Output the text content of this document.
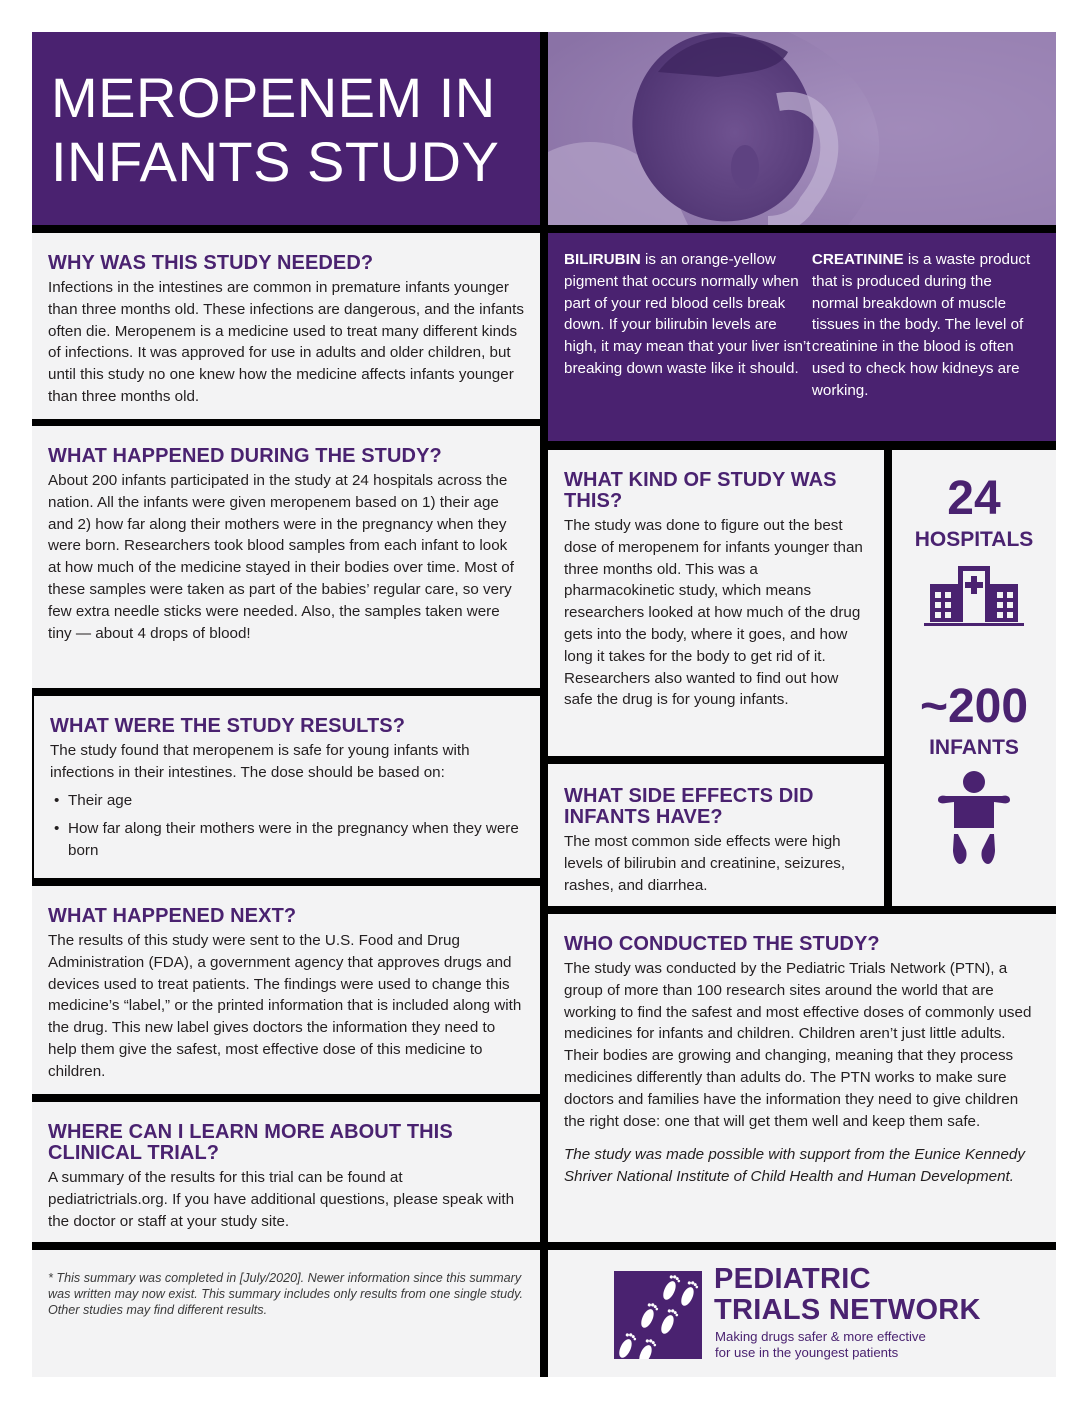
MEROPENEM IN
INFANTS STUDY
WHY WAS THIS STUDY NEEDED?

Infections in the intestines are common in premature infants younger than three months old. These infections are dangerous, and the infants often die. Meropenem is a medicine used to treat many different kinds of infections. It was approved for use in adults and older children, but until this study no one knew how the medicine affects infants younger than three months old.

BILIRUBIN is an orange-yellow pigment that occurs normally when part of your red blood cells break down. If your bilirubin levels are high, it may mean that your liver isn’t breaking down waste like it should.
CREATININE is a waste product that is produced during the normal breakdown of muscle tissues in the body. The level of creatinine in the blood is often used to check how kidneys are working.
WHAT HAPPENED DURING THE STUDY?

About 200 infants participated in the study at 24 hospitals across the nation. All the infants were given meropenem based on 1) their age and 2) how far along their mothers were in the pregnancy when they were born. Researchers took blood samples from each infant to look at how much of the medicine stayed in their bodies over time. Most of these samples were taken as part of the babies’ regular care, so very few extra needle sticks were needed. Also, the samples taken were tiny — about 4 drops of blood!

WHAT KIND OF STUDY WAS THIS?

The study was done to figure out the best dose of meropenem for infants younger than three months old. This was a pharmacokinetic study, which means researchers looked at how much of the drug gets into the body, where it goes, and how long it takes for the body to get rid of it. Researchers also wanted to find out how safe the drug is for young infants.

24
HOSPITALS
~200
INFANTS
WHAT WERE THE STUDY RESULTS?

The study found that meropenem is safe for young infants with infections in their intestines. The dose should be based on:

• Their age
• How far along their mothers were in the pregnancy when they were born
WHAT SIDE EFFECTS DID INFANTS HAVE?

The most common side effects were high levels of bilirubin and creatinine, seizures, rashes, and diarrhea.

WHAT HAPPENED NEXT?

The results of this study were sent to the U.S. Food and Drug Administration (FDA), a government agency that approves drugs and devices used to treat patients. The findings were used to change this medicine’s “label,” or the printed information that is included along with the drug. This new label gives doctors the information they need to help them give the safest, most effective dose of this medicine to children.

WHO CONDUCTED THE STUDY?

The study was conducted by the Pediatric Trials Network (PTN), a group of more than 100 research sites around the world that are working to find the safest and most effective doses of commonly used medicines for infants and children. Children aren’t just little adults. Their bodies are growing and changing, meaning that they process medicines differently than adults do. The PTN works to make sure doctors and families have the information they need to give children the right dose: one that will get them well and keep them safe.

The study was made possible with support from the Eunice Kennedy Shriver National Institute of Child Health and Human Development.

WHERE CAN I LEARN MORE ABOUT THIS CLINICAL TRIAL?

A summary of the results for this trial can be found at pediatrictrials.org. If you have additional questions, please speak with the doctor or staff at your study site.

* This summary was completed in [July/2020]. Newer information since this summary was written may now exist. This summary includes only results from one single study. Other studies may find different results.

PEDIATRIC
TRIALS NETWORK
Making drugs safer & more effective
for use in the youngest patients
